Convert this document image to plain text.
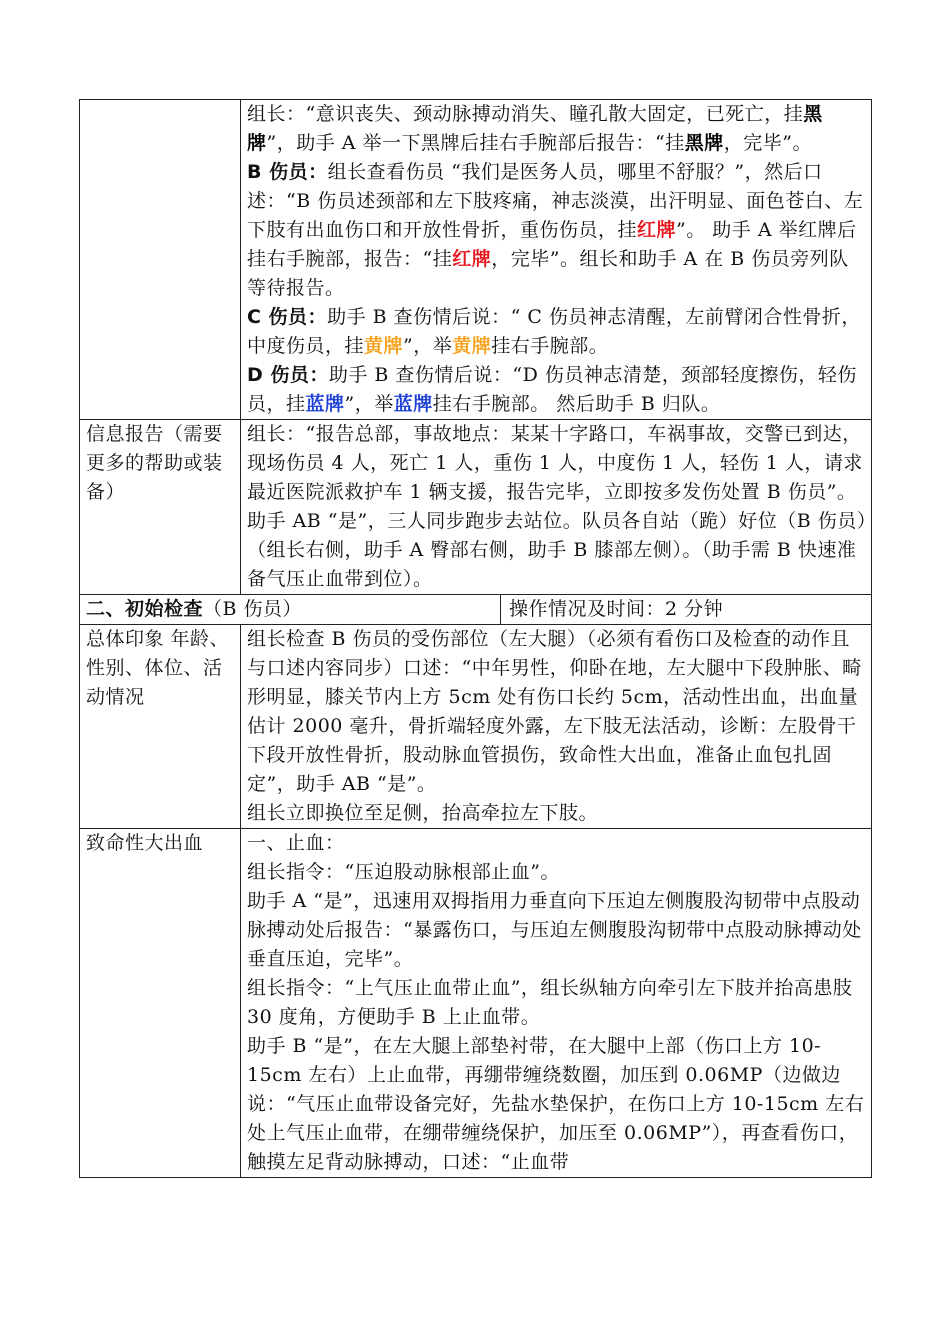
	组长：“意识丧失、颈动脉搏动消失、瞳孔散大固定，已死亡，挂黑牌”，助手 A 举一下黑牌后挂右手腕部后报告：“挂黑牌，完毕”。

B 伤员：组长查看伤员 “我们是医务人员，哪里不舒服？”，然后口述：“B 伤员述颈部和左下肢疼痛，神志淡漠，出汗明显、面色苍白、左下肢有出血伤口和开放性骨折，重伤伤员，挂红牌”。 助手 A 举红牌后挂右手腕部，报告：“挂红牌，完毕”。组长和助手 A 在 B 伤员旁列队等待报告。

C 伤员：助手 B 查伤情后说：“ C 伤员神志清醒，左前臂闭合性骨折，中度伤员，挂黄牌”，举黄牌挂右手腕部。

D 伤员：助手 B 查伤情后说：“D 伤员神志清楚，颈部轻度擦伤，轻伤员，挂蓝牌”，举蓝牌挂右手腕部。 然后助手 B 归队。

信息报告（需要更多的帮助或装备）	组长：“报告总部，事故地点：某某十字路口，车祸事故，交警已到达，现场伤员 4 人，死亡 1 人，重伤 1 人，中度伤 1 人，轻伤 1 人，请求最近医院派救护车 1 辆支援，报告完毕，立即按多发伤处置 B 伤员”。助手 AB “是”，三人同步跑步去站位。队员各自站（跪）好位（B 伤员）（组长右侧，助手 A 臀部右侧，助手 B 膝部左侧）。（助手需 B 快速准备气压止血带到位）。

二、初始检查（B 伤员） 操作情况及时间：2 分钟	

总体印象 年龄、性别、体位、活动情况	组长检查 B 伤员的受伤部位（左大腿）（必须有看伤口及检查的动作且与口述内容同步）口述：“中年男性，仰卧在地，左大腿中下段肿胀、畸形明显，膝关节内上方 5cm 处有伤口长约 5cm，活动性出血，出血量估计 2000 毫升，骨折端轻度外露，左下肢无法活动，诊断：左股骨干下段开放性骨折，股动脉血管损伤，致命性大出血，准备止血包扎固定”，助手 AB “是”。

组长立即换位至足侧，抬高牵拉左下肢。

致命性大出血	一、止血：

组长指令：“压迫股动脉根部止血”。

助手 A “是”，迅速用双拇指用力垂直向下压迫左侧腹股沟韧带中点股动脉搏动处后报告：“暴露伤口，与压迫左侧腹股沟韧带中点股动脉搏动处垂直压迫，完毕”。

组长指令：“上气压止血带止血”，组长纵轴方向牵引左下肢并抬高患肢 30 度角，方便助手 B 上止血带。

助手 B “是”，在左大腿上部垫衬带，在大腿中上部（伤口上方 10-15cm 左右）上止血带，再绷带缠绕数圈，加压到 0.06MP（边做边说：“气压止血带设备完好，先盐水垫保护，在伤口上方 10-15cm 左右处上气压止血带，在绷带缠绕保护，加压至 0.06MP”），再查看伤口，触摸左足背动脉搏动，口述：“止血带
